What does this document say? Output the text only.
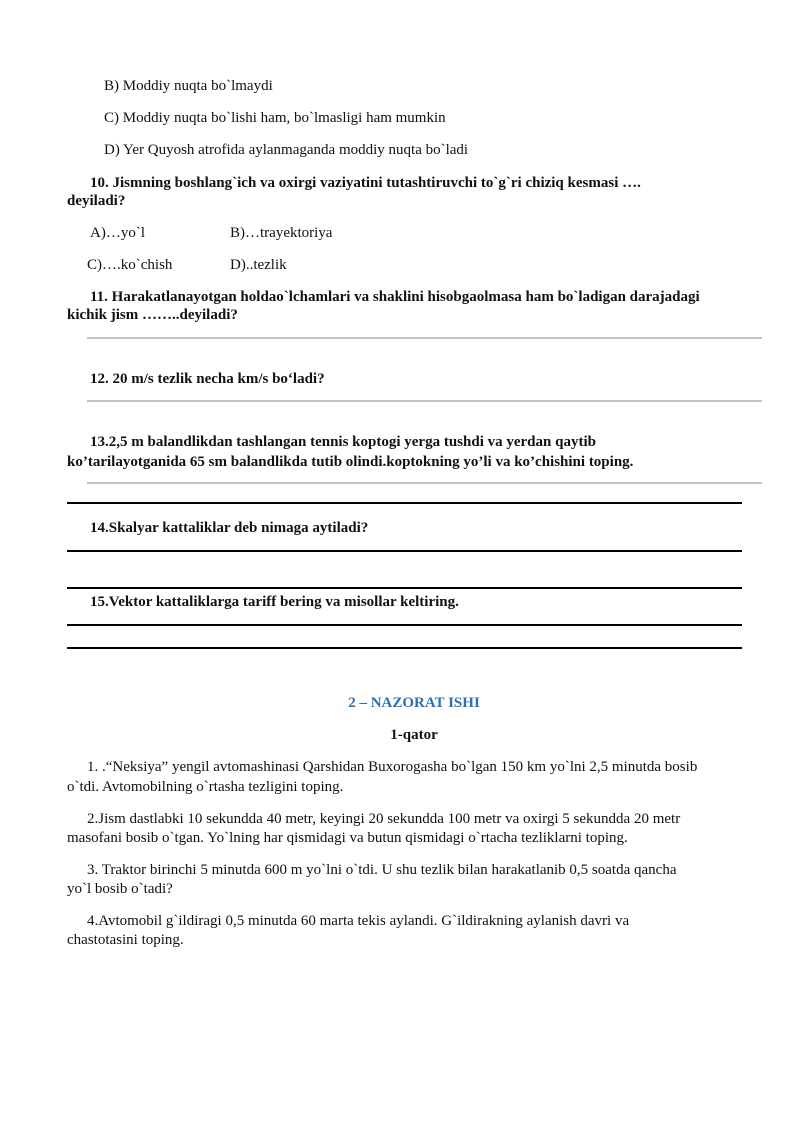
B) Moddiy nuqta bo`lmaydi
C) Moddiy nuqta bo`lishi ham, bo`lmasligi ham mumkin
D) Yer Quyosh atrofida aylanmaganda moddiy nuqta bo`ladi
10. Jismning boshlang`ich va oxirgi vaziyatini tutashtiruvchi to`g`ri chiziq kesmasi ….
deyiladi?
A)…yo`l	B)…trayektoriya
C)….ko`chish	D)..tezlik
11. Harakatlanayotgan holdao`lchamlari va shaklini hisobgaolmasa ham bo`ladigan darajadagi
kichik jism ……..deyiladi?
12. 20 m/s tezlik necha km/s bo‘ladi?
13.2,5 m balandlikdan tashlangan tennis koptogi yerga tushdi va yerdan qaytib
ko’tarilayotganida 65 sm balandlikda tutib olindi.koptokning yo’li va ko’chishini toping.
14.Skalyar kattaliklar deb nimaga aytiladi?
15.Vektor kattaliklarga tariff bering va misollar keltiring.
2 – NAZORAT ISHI
1-qator
1. .“Neksiya” yengil avtomashinasi Qarshidan Buxorogasha bo`lgan 150 km yo`lni 2,5 minutda bosib
o`tdi. Avtomobilning o`rtasha tezligini toping.
2.Jism dastlabki 10 sekundda 40 metr, keyingi 20 sekundda 100 metr va oxirgi 5 sekundda 20 metr
masofani bosib o`tgan. Yo`lning har qismidagi va butun qismidagi o`rtacha tezliklarni toping.
3. Traktor birinchi 5 minutda 600 m yo`lni o`tdi. U shu tezlik bilan harakatlanib 0,5 soatda qancha
yo`l bosib o`tadi?
4.Avtomobil g`ildiragi 0,5 minutda 60 marta tekis aylandi. G`ildirakning aylanish davri va
chastotasini toping.
